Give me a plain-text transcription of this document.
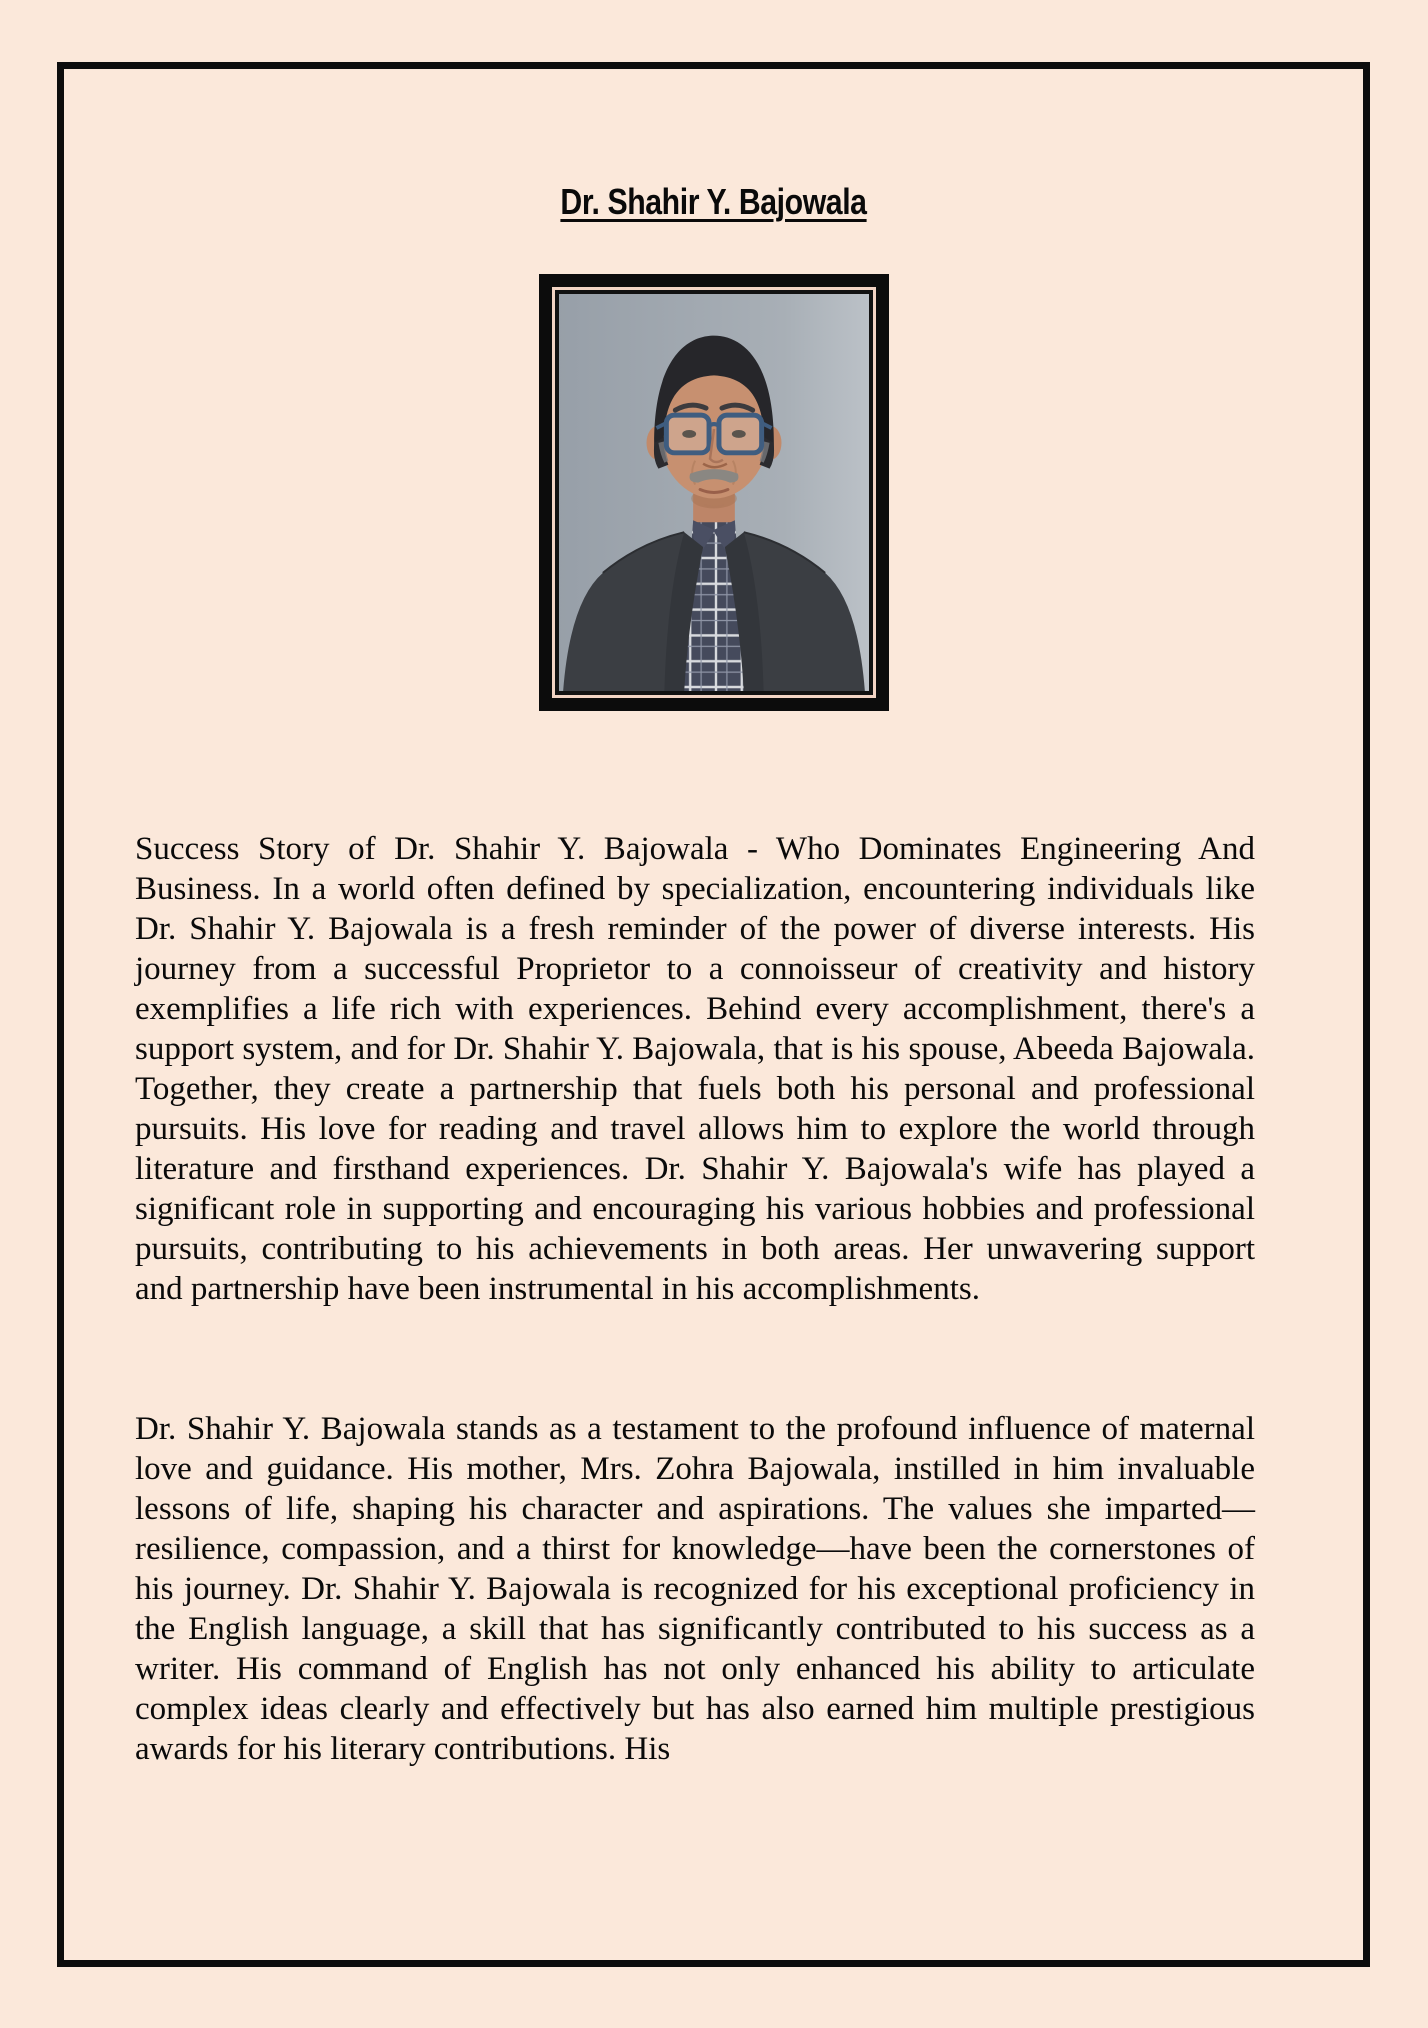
Dr. Shahir Y. Bajowala

Success Story of Dr. Shahir Y. Bajowala - Who Dominates Engineering And Business. In a world often defined by specialization, encountering individuals like Dr. Shahir Y. Bajowala is a fresh reminder of the power of diverse interests. His journey from a successful Proprietor to a connoisseur of creativity and history exemplifies a life rich with experiences. Behind every accomplishment, there's a support system, and for Dr. Shahir Y. Bajowala, that is his spouse, Abeeda Bajowala. Together, they create a partnership that fuels both his personal and professional pursuits. His love for reading and travel allows him to explore the world through literature and firsthand experiences. Dr. Shahir Y. Bajowala's wife has played a significant role in supporting and encouraging his various hobbies and professional pursuits, contributing to his achievements in both areas. Her unwavering support and partnership have been instrumental in his accomplishments.

Dr. Shahir Y. Bajowala stands as a testament to the profound influence of maternal love and guidance. His mother, Mrs. Zohra Bajowala, instilled in him invaluable lessons of life, shaping his character and aspirations. The values she imparted—resilience, compassion, and a thirst for knowledge—have been the cornerstones of his journey. Dr. Shahir Y. Bajowala is recognized for his exceptional proficiency in the English language, a skill that has significantly contributed to his success as a writer. His command of English has not only enhanced his ability to articulate complex ideas clearly and effectively but has also earned him multiple prestigious awards for his literary contributions. His
